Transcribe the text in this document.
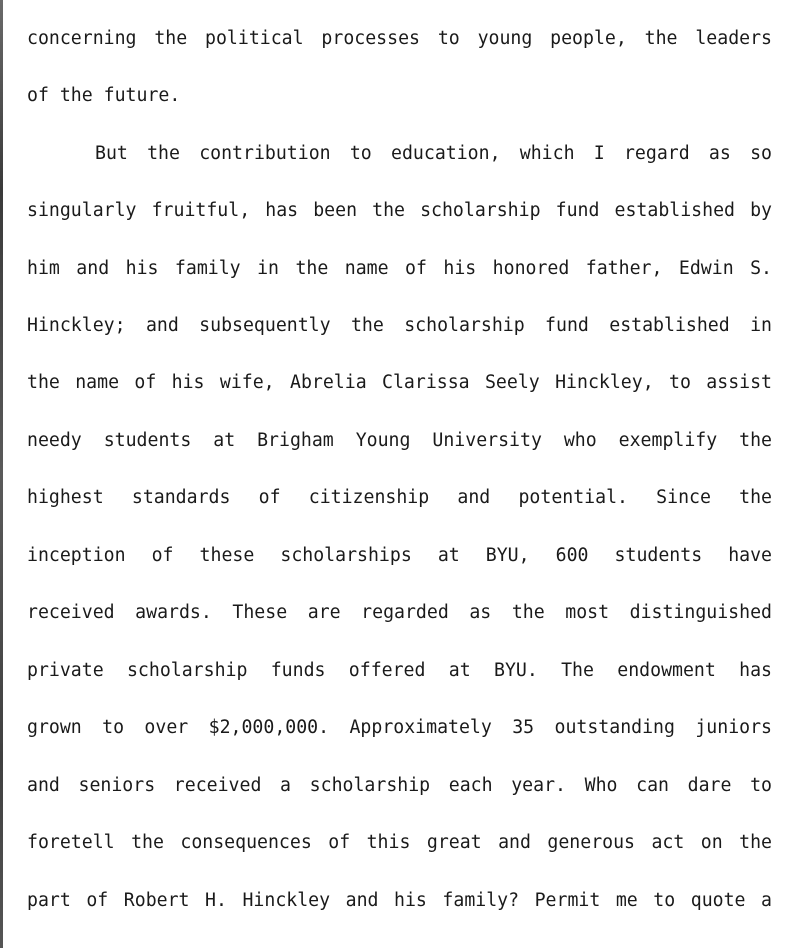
concerning the political processes to young people, the leaders
of the future.
But the contribution to education, which I regard as so
singularly fruitful, has been the scholarship fund established by
him and his family in the name of his honored father, Edwin S.
Hinckley; and subsequently the scholarship fund established in
the name of his wife, Abrelia Clarissa Seely Hinckley, to assist
needy students at Brigham Young University who exemplify the
highest standards of citizenship and potential. Since the
inception of these scholarships at BYU, 600 students have
received awards. These are regarded as the most distinguished
private scholarship funds offered at BYU. The endowment has
grown to over $2,000,000. Approximately 35 outstanding juniors
and seniors received a scholarship each year. Who can dare to
foretell the consequences of this great and generous act on the
part of Robert H. Hinckley and his family? Permit me to quote a
